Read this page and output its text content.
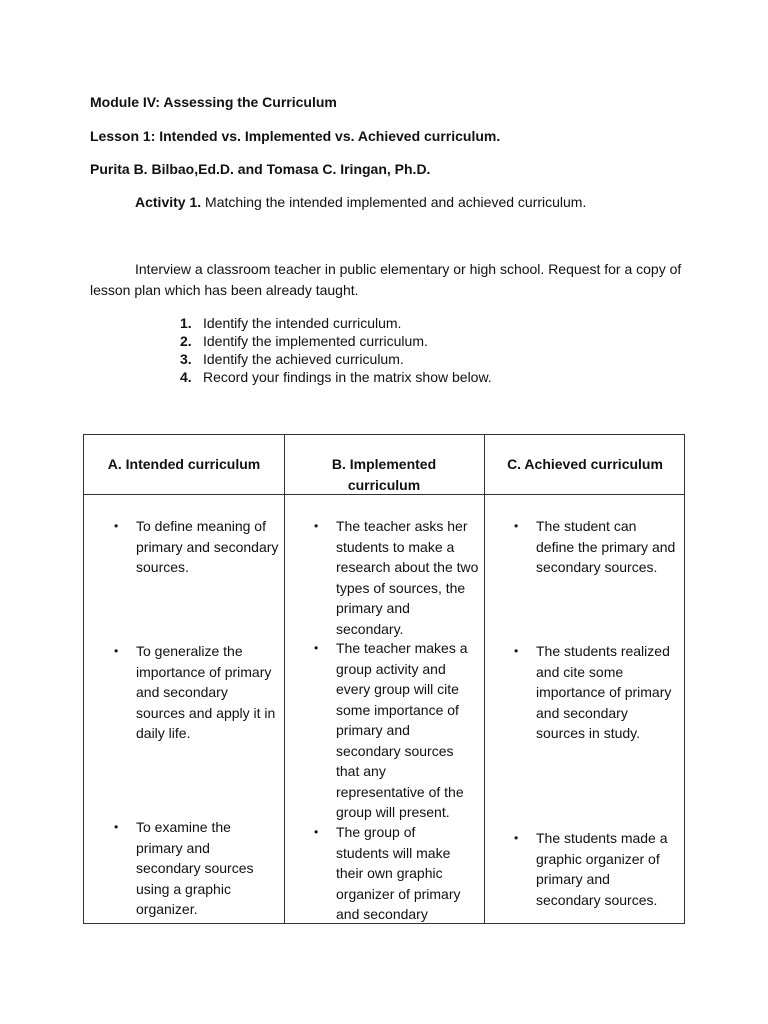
Module IV: Assessing the Curriculum
Lesson 1: Intended vs. Implemented vs. Achieved curriculum.
Purita B. Bilbao,Ed.D. and Tomasa C. Iringan, Ph.D.
Activity 1. Matching the intended implemented and achieved curriculum.
Interview a classroom teacher in public elementary or high school. Request for a copy of lesson plan which has been already taught.
1. Identify the intended curriculum.
2. Identify the implemented curriculum.
3. Identify the achieved curriculum.
4. Record your findings in the matrix show below.
A. Intended curriculum	B. Implemented curriculum
C. Achieved curriculum
• To define meaning of primary and secondary sources.
• The teacher asks her students to make a research about the two types of sources, the primary and secondary.
• The student can define the primary and secondary sources.
• To generalize the importance of primary and secondary sources and apply it in daily life.
• The teacher makes a group activity and every group will cite some importance of primary and secondary sources that any representative of the group will present.
• The students realized and cite some importance of primary and secondary sources in study.
• To examine the primary and secondary sources using a graphic organizer.
• The group of students will make their own graphic organizer of primary and secondary
• The students made a graphic organizer of primary and secondary sources.
